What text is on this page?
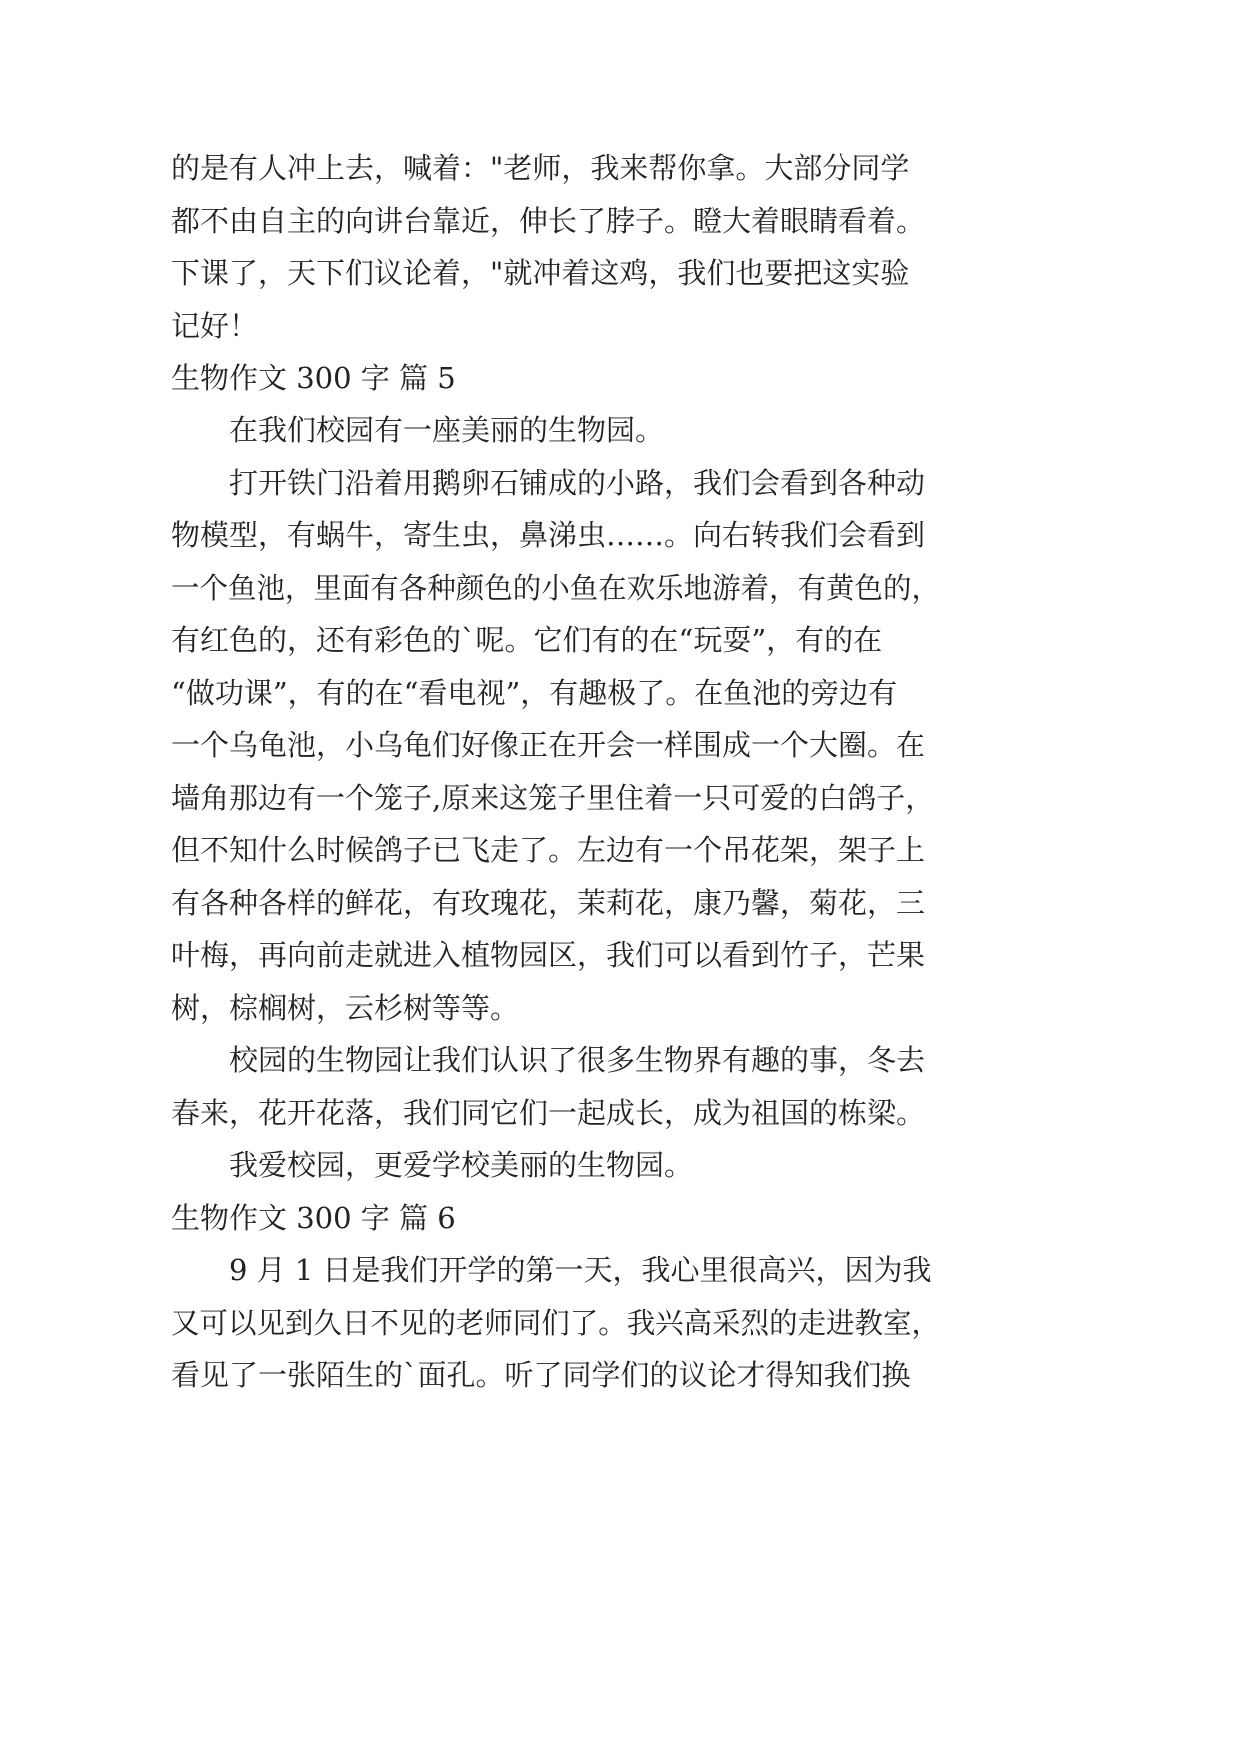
的是有人冲上去，喊着："老师，我来帮你拿。大部分同学

都不由自主的向讲台靠近，伸长了脖子。瞪大着眼睛看着。

下课了，天下们议论着，"就冲着这鸡，我们也要把这实验

记好！

生物作文 300 字 篇 5

在我们校园有一座美丽的生物园。

打开铁门沿着用鹅卵石铺成的小路，我们会看到各种动

物模型，有蜗牛，寄生虫，鼻涕虫……。向右转我们会看到

一个鱼池，里面有各种颜色的小鱼在欢乐地游着，有黄色的，

有红色的，还有彩色的`呢。它们有的在“玩耍”，有的在

“做功课”，有的在“看电视”，有趣极了。在鱼池的旁边有

一个乌龟池，小乌龟们好像正在开会一样围成一个大圈。在

墙角那边有一个笼子,原来这笼子里住着一只可爱的白鸽子，

但不知什么时候鸽子已飞走了。左边有一个吊花架，架子上

有各种各样的鲜花，有玫瑰花，茉莉花，康乃馨，菊花，三

叶梅，再向前走就进入植物园区，我们可以看到竹子，芒果

树，棕榈树，云杉树等等。

校园的生物园让我们认识了很多生物界有趣的事，冬去

春来，花开花落，我们同它们一起成长，成为祖国的栋梁。

我爱校园，更爱学校美丽的生物园。

生物作文 300 字 篇 6

9 月 1 日是我们开学的第一天，我心里很高兴，因为我

又可以见到久日不见的老师同们了。我兴高采烈的走进教室，

看见了一张陌生的`面孔。听了同学们的议论才得知我们换
